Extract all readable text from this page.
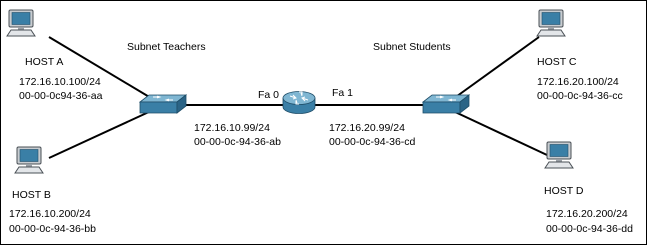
Subnet Teachers	Subnet Students
HOST A
172.16.10.100/24
00-00-0c94-36-aa
HOST B
172.16.10.200/24
00-00-0c-94-36-bb
HOST C
172.16.20.100/24
00-00-0c-94-36-cc
HOST D
172.16.20.200/24
00-00-0c-94-36-dd
Fa 0	Fa 1
172.16.10.99/24
00-00-0c-94-36-ab
172.16.20.99/24
00-00-0c-94-36-cd
